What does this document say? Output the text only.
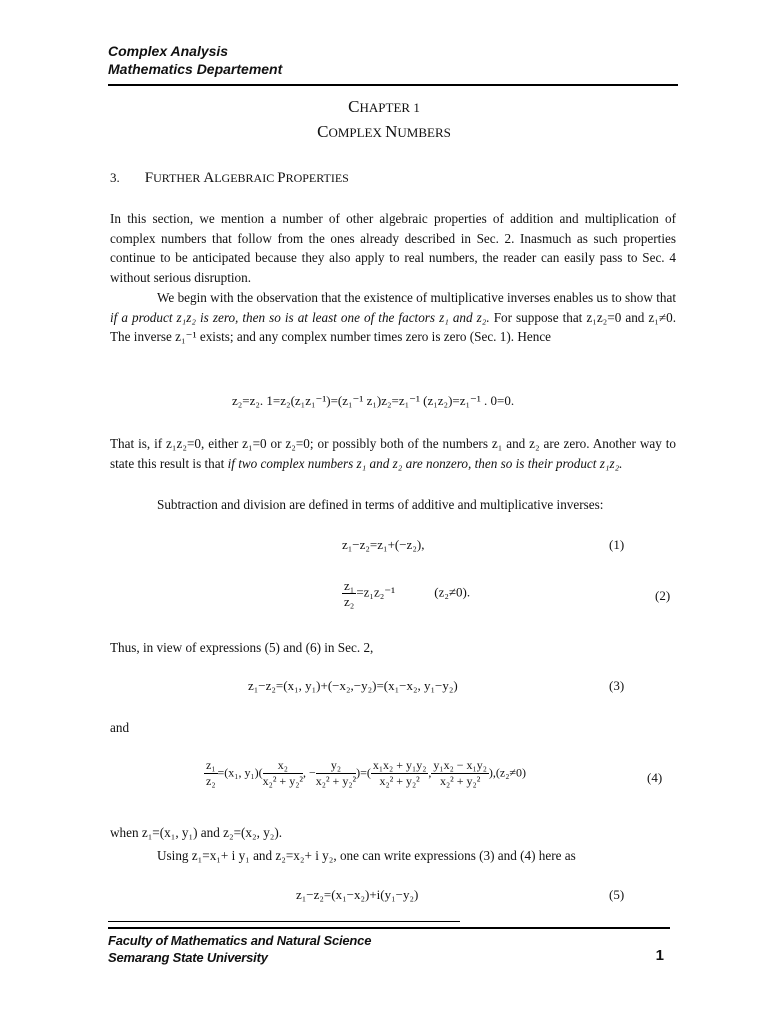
Complex Analysis
Mathematics Departement
CHAPTER 1
COMPLEX NUMBERS
3. FURTHER ALGEBRAIC PROPERTIES
In this section, we mention a number of other algebraic properties of addition and multiplication of complex numbers that follow from the ones already described in Sec. 2. Inasmuch as such properties continue to be anticipated because they also apply to real numbers, the reader can easily pass to Sec. 4 without serious disruption.
We begin with the observation that the existence of multiplicative inverses enables us to show that if a product z₁z₂ is zero, then so is at least one of the factors z₁ and z₂. For suppose that z₁z₂=0 and z₁≠0. The inverse z₁⁻¹ exists; and any complex number times zero is zero (Sec. 1). Hence
z₂=z₂. 1=z₂(z₁z₁⁻¹)=(z₁⁻¹ z₁)z₂=z₁⁻¹ (z₁z₂)=z₁⁻¹ . 0=0.
That is, if z₁z₂=0, either z₁=0 or z₂=0; or possibly both of the numbers z₁ and z₂ are zero. Another way to state this result is that if two complex numbers z₁ and z₂ are nonzero, then so is their product z₁z₂.
Subtraction and division are defined in terms of additive and multiplicative inverses:
z₁−z₂=z₁+(−z₂),	(1)
$\frac{\text{z₁}}{\text{z₂}} =z_1z_2^{-1}$	(z₂≠0).	(2)
Thus, in view of expressions (5) and (6) in Sec. 2,
z₁−z₂=(x₁, y₁)+(−x₂,−y₂)=(x₁−x₂, y₁−y₂)	(3)
and
$\frac{\text{z₁}}{\text{z₂}} =(x_1$, $y_1)( \frac{\text{x₂}}{\text{x₂² + y₂²}}$ , − $\frac{\text{y₂}}{\text{x₂² + y₂²}}$ )=( $\frac{\text{x₁x₂ + y₁y₂}}{\text{x₂² + y₂²}}$ , $\frac{\text{y₁x₂ − x₁y₂}}{\text{x₂² + y₂²}} ),(z_2\ne 0)$	(4)
when z₁=(x₁, y₁) and z₂=(x₂, y₂).
Using z₁=x₁+ i y₁ and z₂=x₂+ i y₂, one can write expressions (3) and (4) here as
z₁−z₂=(x₁−x₂)+i(y₁−y₂)	(5)
Faculty of Mathematics and Natural Science
Semarang State University	1
